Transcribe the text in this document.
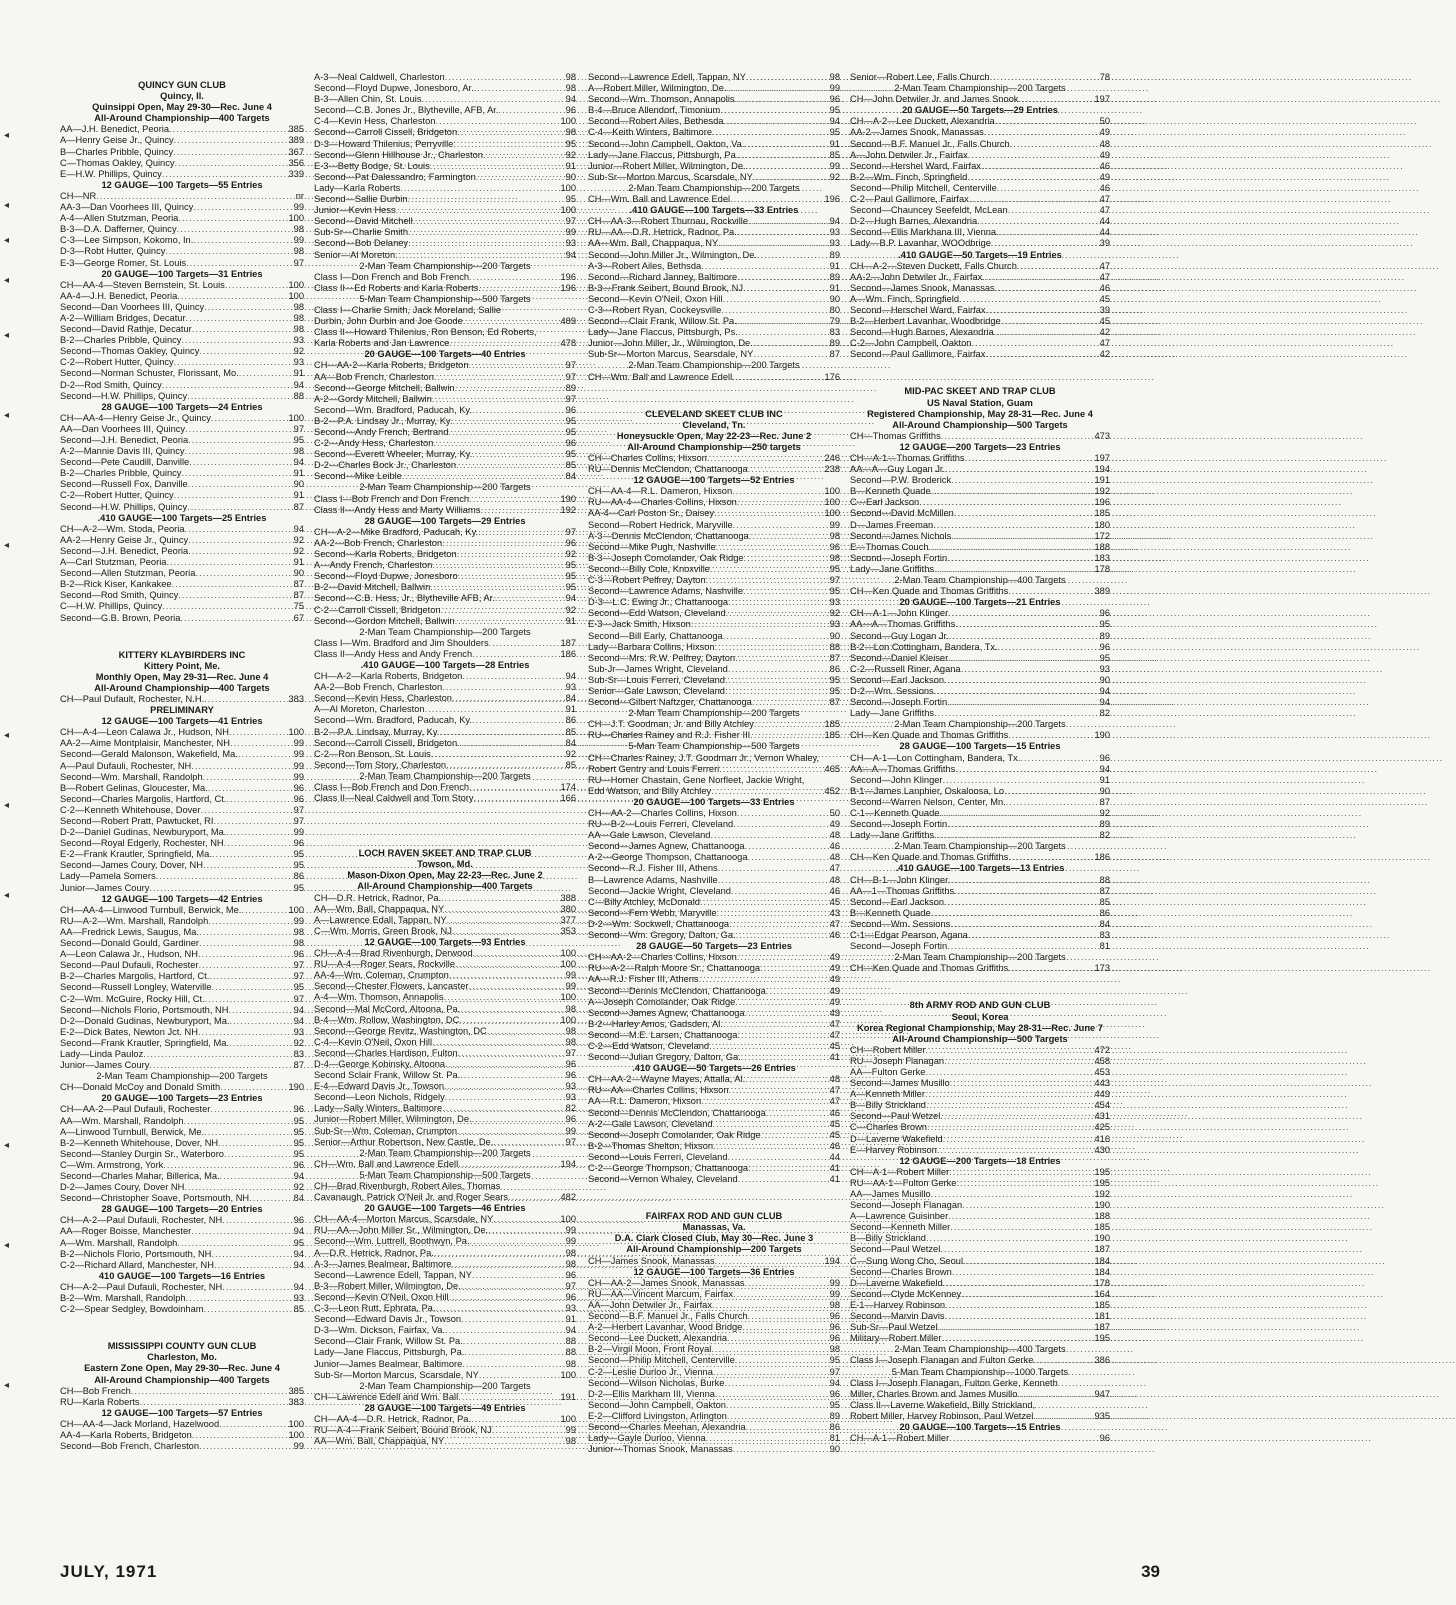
◂
◂
◂
◂
◂
◂
◂
◂
◂
◂
◂
◂
◂
QUINCY GUN CLUB
Quincy, Il.
Quinsippi Open, May 29-30—Rec. June 4
All-Around Championship—400 Targets
AA—J.H. Benedict, Peoria .....	385
A—Henry Geise Jr., Quincy .....	389
B—Charles Pribble, Quincy .....	367
C—Thomas Oakley, Quincy .....	356
E—H.W. Phillips, Quincy .....	339
12 GAUGE—100 Targets—55 Entries
CH—NR .....	nr
AA-3—Dan Voorhees III, Quincy .....	99
A-4—Allen Stutzman, Peoria .....	100
B-3—D.A. Dafferner, Quincy .....	98
C-3—Lee Simpson, Kokomo, In. .....	99
D-3—Robt Hutter, Quincy .....	98
E-3—George Romer, St. Louis .....	97
20 GAUGE—100 Targets—31 Entries
CH—AA-4—Steven Bernstein, St. Louis .....	100
AA-4—J.H. Benedict, Peoria .....	100
Second—Dan Voorhees III, Quincy .....	98
A-2—William Bridges, Decatur .....	98
Second—David Rathje, Decatur .....	98
B-2—Charles Pribble, Quincy .....	93
Second—Thomas Oakley, Quincy .....	92
C-2—Robert Hutter, Quincy .....	93
Second—Norman Schuster, Florissant, Mo. .....	91
D-2—Rod Smith, Quincy .....	94
Second—H.W. Phillips, Quincy .....	88
28 GAUGE—100 Targets—24 Entries
CH—AA-4—Henry Geise Jr., Quincy .....	100
AA—Dan Voorhees III, Quincy .....	97
Second—J.H. Benedict, Peoria .....	95
A-2—Mannie Davis III, Quincy .....	98
Second—Pete Caudill, Danville .....	94
B-2—Charles Pribble, Quincy .....	91
Second—Russell Fox, Danville .....	90
C-2—Robert Hutter, Quincy .....	91
Second—H.W. Phillips, Quincy .....	87
.410 GAUGE—100 Targets—25 Entries
CH—A-2—Wm. Stoda, Peoria .....	94
AA-2—Henry Geise Jr., Quincy .....	92
Second—J.H. Benedict, Peoria .....	92
A—Carl Stutzman, Peoria .....	91
Second—Allen Stutzman, Peoria .....	90
B-2—Rick Kiser, Kankakee .....	87
Second—Rod Smith, Quincy .....	87
C—H.W. Phillips, Quincy .....	75
Second—G.B. Brown, Peoria .....	67
KITTERY KLAYBIRDERS INC
Kittery Point, Me.
Monthly Open, May 29-31—Rec. June 4
All-Around Championship—400 Targets
CH—Paul Dufault, Rochester, N.H. .....	383
PRELIMINARY
12 GAUGE—100 Targets—41 Entries
CH—A-4—Leon Calawa Jr., Hudson, NH .....	100
AA-2—Aime Montplaisir, Manchester, NH .....	99
Second—Gerald Malonson, Wakefield, Ma. .....	99
A—Paul Dufauli, Rochester, NH .....	99
Second—Wm. Marshall, Randolph .....	99
B—Robert Gelinas, Gloucester, Ma. .....	96
Second—Charles Margolis, Hartford, Ct. .....	96
C-2—Kenneth Whitehouse, Dover .....	97
Second—Robert Pratt, Pawtucket, RI .....	97
D-2—Daniel Gudinas, Newburyport, Ma. .....	99
Second—Royal Edgerly, Rochester, NH .....	96
E-2—Frank Krautler, Springfield, Ma. .....	95
Second—James Coury, Dover, NH .....	95
Lady—Pamela Somers .....	86
Junior—James Coury .....	95
12 GAUGE—100 Targets—42 Entries
CH—AA-4—Linwood Turnbull, Berwick, Me. .....	100
RU—A-2—Wm. Marshall, Randolph .....	99
AA—Fredrick Lewis, Saugus, Ma. .....	98
Second—Donald Gould, Gardiner .....	98
A—Leon Calawa Jr., Hudson, NH .....	96
Second—Paul Dufauli, Rochester .....	97
B-2—Charles Margolis, Hartford, Ct. .....	97
Second—Russell Longley, Waterville .....	95
C-2—Wm. McGuire, Rocky Hill, Ct. .....	97
Second—Nichols Florio, Portsmouth, NH .....	94
D-2—Donald Gudinas, Newburyport, Ma. .....	94
E-2—Dick Bates, Newton Jct. NH .....	93
Second—Frank Krautler, Springfield, Ma. .....	92
Lady—Linda Pauloz .....	83
Junior—James Coury .....	87
2-Man Team Championship—200 Targets
CH—Donald McCoy and Donald Smith .....	190
20 GAUGE—100 Targets—23 Entries
CH—AA-2—Paul Dufauli, Rochester .....	96
AA—Wm. Marshall, Randolph .....	95
A—Linwood Turnbull, Berwick, Me. .....	95
B-2—Kenneth Whitehouse, Dover, NH .....	95
Second—Stanley Durgin Sr., Waterboro .....	95
C—Wm. Armstrong, York .....	96
Second—Charles Mahar, Billerica, Ma. .....	94
D-2—James Coury, Dover NH .....	92
Second—Christopher Soave, Portsmouth, NH .....	84
28 GAUGE—100 Targets—20 Entries
CH—A-2—Paul Dufauli, Rochester, NH .....	96
AA—Roger Boisse, Manchester .....	94
A—Wm. Marshall, Randolph .....	95
B-2—Nichols Florio, Portsmouth, NH .....	94
C-2—Richard Allard, Manchester, NH .....	94
410 GAUGE—100 Targets—16 Entries
CH—A-2—Paul Dufauli, Rochester, NH .....	94
B-2—Wm. Marshall, Randolph .....	93
C-2—Spear Sedgley, Bowdoinham .....	85
MISSISSIPPI COUNTY GUN CLUB
Charleston, Mo.
Eastern Zone Open, May 29-30—Rec. June 4
All-Around Championship—400 Targets
CH—Bob French .....	385
RU—Karla Roberts .....	383
12 GAUGE—100 Targets—57 Entries
CH—AA-4—Jack Morland, Hazelwood .....	100
AA-4—Karla Roberts, Bridgeton .....	100
Second—Bob French, Charleston .....	99
A-3—Neal Caldwell, Charleston .....	98
Second—Floyd Dupwe, Jonesboro, Ar. .....	98
B-3—Allen Chin, St. Louis .....	94
Second—C.B. Jones Jr., Blytheville, AFB, Ar. .....	96
C-4—Kevin Hess, Charleston .....	100
Second—Carroll Cissell, Bridgeton .....	98
D-3—Howard Thilenius, Perryville .....	95
Second—Glenn Hillhouse Jr., Charleston .....	92
E-3—Betty Bodge, St. Louis .....	91
Second—Pat Dalessandro, Farmington .....	90
Lady—Karla Roberts .....	100
Second—Sallie Durbin .....	95
Junior—Kevin Hess .....	100
Second—David Mitchell .....	97
Sub-Sr—Charlie Smith .....	99
Second—Bob Delaney .....	93
Senior—Al Moreton .....	94
2-Man Team Championship—200 Targets
Class I—Don French and Bob French .....	196
Class II—Ed Roberts and Karla Roberts .....	196
5-Man Team Championship—500 Targets
Class I—Charlie Smith, Jack Moreland, Sallie
Durbin, John Durbin and Joe Goode .....	489
Class II—Howard Thilenius, Ron Benson, Ed Roberts,
Karla Roberts and Jan Lawrence .....	478
20 GAUGE—100 Targets—40 Entries
CH—AA-2—Karla Roberts, Bridgeton .....	97
AA—Bob French, Charleston .....	97
Second—George Mitchell, Ballwin .....	89
A-2—Gordy Mitchell, Ballwin .....	97
Second—Wm. Bradford, Paducah, Ky. .....	96
B-2—P.A. Lindsay Jr., Murray, Ky. .....	95
Second—Andy French, Bertrand .....	95
C-2—Andy Hess, Charleston .....	96
Second—Everett Wheeler, Murray, Ky. .....	95
D-2—Charles Bock Jr., Charleston .....	85
Second—Mike Leible .....	84
2-Man Team Championship—200 Targets
Class I—Bob French and Don French .....	190
Class II—Andy Hess and Marty Williams .....	192
28 GAUGE—100 Targets—29 Entries
CH—A-2—Mike Bradford, Paducah, Ky. .....	97
AA-2—Bob French, Charleston .....	96
Second—Karla Roberts, Bridgeton .....	92
A—Andy French, Charleston .....	95
Second—Floyd Dupwe, Jonesboro .....	95
B-2—David Mitchell, Ballwin .....	95
Second—C.B. Hess, Jr., Blytheville AFB, Ar. .....	94
C-2—Carroll Cissell, Bridgeton .....	92
Second—Gordon Mitchell, Ballwin .....	91
2-Man Team Championship—200 Targets
Class I—Wm. Bradford and Jim Shoulders .....	187
Class II—Andy Hess and Andy French .....	186
.410 GAUGE—100 Targets—28 Entries
CH—A-2—Karla Roberts, Bridgeton .....	94
AA-2—Bob French, Charleston .....	93
Second—Kevin Hess, Charleston .....	84
A—Al Moreton, Charleston .....	91
Second—Wm. Bradford, Paducah, Ky. .....	86
B-2—P.A. Lindsay, Murray, Ky. .....	85
Second—Carroll Cissell, Bridgeton .....	84
C-2—Ron Benson, St. Louis .....	92
Second—Tom Story, Charleston .....	85
2-Man Team Championship—200 Targets
Class I—Bob French and Don French .....	174
Class II—Neal Caldwell and Tom Story .....	166
LOCH RAVEN SKEET AND TRAP CLUB
Towson, Md.
Mason-Dixon Open, May 22-23—Rec. June 2
All-Around Championship—400 Targets
CH—D.R. Hetrick, Radnor, Pa. .....	388
AA—Wm. Ball, Chappaqua, NY .....	380
A—Lawrence Edall, Tappan, NY .....	377
C—Wm. Morris, Green Brook, NJ .....	353
12 GAUGE—100 Targets—93 Entries
CH—A-4—Brad Rivenburgh, Derwood .....	100
RU—A-4—Roger Sears, Rockville .....	100
AA-4—Wm. Coleman, Crumpton .....	99
Second—Chester Flowers, Lancaster .....	99
A-4—Wm. Thomson, Annapolis .....	100
Second—Mal McCord, Altoona, Pa. .....	98
B-4—Wm. Rollow, Washington, DC .....	100
Second—George Revitz, Washington, DC .....	98
C-4—Kevin O'Neil, Oxon Hill .....	98
Second—Charles Hardison, Fulton .....	97
D-4—George Kobinsky, Altoona .....	96
Second Sclair Frank, Willow St. Pa. .....	96
E-4—Edward Davis Jr., Towson .....	93
Second—Leon Nichols, Ridgely .....	93
Lady—Sally Winters, Baltimore .....	82
Junior—Robert Miller, Wilmington, De. .....	96
Sub-Sr—Wm. Coleman, Crumpton .....	99
Senior—Arthur Robertson, New Castle, De. .....	97
2-Man Team Championship—200 Targets
CH—Wm. Ball and Lawrence Edell .....	194
5-Man Team Championship—500 Targets
CH—Brad Rivenburgh, Robert Ailes, Thomas
Cavanaugh, Patrick O'Neil Jr. and Roger Sears .....	482
20 GAUGE—100 Targets—46 Entries
CH—AA-4—Morton Marcus, Scarsdale, NY .....	100
RU—AA—John Miller Sr., Wilmington, De. .....	99
Second—Wm. Luttrell, Boothwyn, Pa. .....	99
A—D.R. Hetrick, Radnor, Pa. .....	98
A-3—James Bealmear, Baltimore .....	98
Second—Lawrence Edell, Tappan, NY .....	96
B-3—Robert Miller, Wilmington, De. .....	97
Second—Kevin O'Neil, Oxon Hill .....	96
C-3—Leon Rutt, Ephrata, Pa. .....	93
Second—Edward Davis Jr., Towson .....	91
D-3—Wm. Dickson, Fairfax, Va. .....	94
Second—Clair Frank, Willow St. Pa. .....	88
Lady—Jane Flaccus, Pittsburgh, Pa. .....	88
Junior—James Bealmear, Baltimore .....	98
Sub-Sr—Morton Marcus, Scarsdale, NY .....	100
2-Man Team Championship—200 Targets
CH—Lawrence Edell and Wm. Ball .....	191
28 GAUGE—100 Targets—49 Entries
CH—AA-4—D.R. Hetrick, Radnor, Pa. .....	100
RU—A-4—Frank Seibert, Bound Brook, NJ .....	99
AA—Wm. Ball, Chappaqua, NY .....	98
Second—Lawrence Edell, Tappan, NY .....	98
A—Robert Miller, Wilmington, De. .....	99
Second—Wm. Thomson, Annapolis .....	96
B-4—Bruce Allendorf, Timonium .....	95
Second—Robert Ailes, Bethesda .....	94
C-4—Keith Winters, Baltimore .....	95
Second—John Campbell, Oakton, Va. .....	91
Lady—Jane Flaccus, Pittsburgh, Pa. .....	85
Junior—Robert Miller, Wilmington, De. .....	99
Sub-Sr—Morton Marcus, Scarsdale, NY .....	92
2-Man Team Championship—200 Targets
CH—Wm. Ball and Lawrence Edel .....	196
.410 GAUGE—100 Targets—33 Entries
CH—AA-3—Robert Thurnau, Rockville .....	94
RU—AA—D.R. Hetrick, Radnor, Pa. .....	93
AA—Wm. Ball, Chappaqua, NY .....	93
Second—John Miller Jr., Wilmington, De. .....	89
A-3—Robert Ailes, Bethsda .....	91
Second—Richard Janney, Baltimore .....	89
B-3—Frank Seibert, Bound Brook, NJ .....	91
Second—Kevin O'Neil, Oxon Hill .....	90
C-3—Robert Ryan, Cockeysville .....	80
Second—Clair Frank, Willow St. Pa. .....	79
Lady—Jane Flaccus, Pittsburgh, Ps. .....	83
Junior—John Miller, Jr., Wilmington, De. .....	89
Sub-Sr—Morton Marcus, Searsdale, NY .....	87
2-Man Team Championship—200 Targets
CH—Wm. Ball and Lawrence Edell .....	176
CLEVELAND SKEET CLUB INC
Cleveland, Tn.
Honeysuckle Open, May 22-23—Rec. June 2
All-Around Championship—250 targets
CH—Charles Collins, Hixson .....	246
RU—Dennis McClendon, Chattanooga .....	238
12 GAUGE—100 Targets—52 Entries
CH—AA-4—R.L. Dameron, Hixson .....	100
RU—AA-4—Charles Collins, Hixson .....	100
AA-4—Carl Poston Sr., Daisey .....	100
Second—Robert Hedrick, Maryville .....	99
A-3—Dennis McClendon, Chattanooga .....	98
Second—Mike Pugh, Nashville .....	96
B-3—Joseph Comolander, Oak Ridge .....	98
Second—Billy Cole, Knoxville .....	95
C-3—Robert Pelfrey, Dayton .....	97
Second—Lawrence Adams, Nashville .....	95
D-3—L.C. Ewing Jr., Chattanooga .....	93
Second—Edd Watson, Cleveland .....	92
E-3—Jack Smith, Hixson .....	93
Second—Bill Early, Chattanooga .....	90
Lady—Barbara Collins, Hixson .....	88
Second—Mrs. R.W. Pelfrey, Dayton .....	87
Sub-Jr—James Wright, Cleveland .....	86
Sub-Sr—Louis Ferreri, Cleveland .....	95
Senior—Gale Lawson, Cleveland .....	95
Second—Gilbert Naftzger, Chattanooga .....	87
2-Man Team Championship—200 Targets
CH—J.T. Goodman, Jr. and Billy Atchley .....	185
RU—Charles Rainey and R.J. Fisher III .....	185
5-Man Team Championship—500 Targets
CH—Charles Rainey, J.T. Goodman Jr., Vernon Whaley,
Robert Gentry and Louis Ferreri .....	465
RU—Homer Chastain, Gene Norfleet, Jackie Wright,
Edd Watson, and Billy Atchley .....	452
20 GAUGE—100 Targets—33 Entries
CH—AA-2—Charles Collins, Hixson .....	50
RU—B-2—Louis Ferreri, Cleveland .....	49
AA—Gale Lawson, Cleveland .....	48
Second—James Agnew, Chattanooga .....	46
A-2—George Thompson, Chattanooga .....	48
Second—R.J. Fisher III, Athens .....	47
B—Lawrence Adams, Nashville .....	48
Second—Jackie Wright, Cleveland .....	46
C—Billy Atchley, McDonald .....	45
Second—Fern Webb, Maryville .....	43
D-2—Wm. Sockwell, Chattanooga .....	47
Second—Wm. Gregory, Dalton, Ga. .....	46
28 GAUGE—50 Targets—23 Entries
CH—AA-2—Charles Collins, Hixson .....	49
RU—A-2—Ralph Moore Sr., Chattanooga .....	49
AA—R.J. Fisher III, Athens .....	49
Second—Dennis McClendon, Chattanooga .....	49
A—Joseph Comolander, Oak Ridge .....	49
Second—James Agnew, Chattanooga .....	49
B-2—Harley Amos, Gadsden, Al. .....	47
Second—M.E. Larsen, Chattanooga .....	47
C-2—Edd Watson, Cleveland .....	45
Second—Julian Gregory, Dalton, Ga. .....	41
.410 GAUGE—50 Targets—26 Entries
CH—AA-2—Wayne Mayes, Attalla, Al. .....	48
RU—AA—Charles Collins, Hixson .....	47
AA—R.L. Dameron, Hixson .....	47
Second—Dennis McClendon, Chattanooga .....	46
A-2—Gale Lawson, Cleveland .....	45
Second—Joseph Comolander, Oak Ridge .....	45
B-2—Thomas Shelton, Hixson .....	46
Second—Louis Ferreri, Cleveland .....	44
C-2—George Thompson, Chattanooga .....	41
Second—Vernon Whaley, Cleveland .....	41
FAIRFAX ROD AND GUN CLUB
Manassas, Va.
D.A. Clark Closed Club, May 30—Rec. June 3
All-Around Championship—200 Targets
CH—James Snook, Manassas .....	194
12 GAUGE—100 Targets—36 Entries
CH—AA-2—James Snook, Manassas .....	99
RU—AA—Vincent Marcum, Fairfax .....	99
AA—John Detwiler Jr., Fairfax .....	98
Second—B.F. Manuel Jr., Falls Church .....	96
A-2—Herbert Lavanhar, Wood Bridge .....	96
Second—Lee Duckett, Alexandria .....	96
B-2—Virgil Moon, Front Royal .....	98
Second—Philip Mitchell, Centerville .....	95
C-2—Leslie Durloo Jr., Vienna .....	97
Second—Wilson Nicholas, Burke .....	94
D-2—Ellis Markham III, Vienna .....	96
Second—John Campbell, Oakton .....	95
E-2—Clifford Livingston, Arlington .....	89
Second—Charles Meehan, Alexandria .....	86
Lady—Gayle Durloo, Vienna .....	81
Junior—Thomas Snook, Manassas .....	90
Senior—Robert Lee, Falls Church .....	78
2-Man Team Championship—200 Targets
CH—John Detwiler Jr. and James Snook .....	197
20 GAUGE—50 Targets—29 Entries
CH—A-2—Lee Duckett, Alexandria .....	50
AA-2—James Snook, Manassas .....	49
Second—B.F. Manuel Jr., Falls Church .....	48
A—John Detwiler Jr., Fairfax .....	49
Second—Hershel Ward, Fairfax .....	46
B-2—Wm. Finch, Springfield .....	49
Second—Philip Mitchell, Centerville .....	46
C-2—Paul Gallimore, Fairfax .....	47
Second—Chauncey Seefeldt, McLean .....	47
D-2—Hugh Barnes, Alexandria .....	44
Second—Ellis Markhana III, Vienna .....	44
Lady—B.P. Lavanhar, WOOdbrige .....	39
.410 GAUGE—50 Targets—19 Entries
CH—A-2—Steven Duckett, Falls Church .....	47
AA-2—John Detwiler Jr., Fairfax .....	47
Second—James Snook, Manassas .....	46
A—Wm. Finch, Springfield .....	45
Second—Herschel Ward, Fairfax .....	39
B-2—Herbert Lavanhar, Woodbridge .....	45
Second—Hugh Barnes, Alexandria .....	42
C-2—John Campbell, Oakton .....	47
Second—Paul Gallimore, Fairfax .....	42
MID-PAC SKEET AND TRAP CLUB
US Naval Station, Guam
Registered Championship, May 28-31—Rec. June 4
All-Around Championship—500 Targets
CH—Thomas Griffiths .....	473
12 GAUGE—200 Targets—23 Entries
CH—A-1—Thomas Griffiths .....	197
AA—A—Guy Logan Jr. .....	194
Second—P.W. Broderick .....	191
B—Kenneth Quade .....	192
C—Earl Jackson .....	196
Second—David McMillen .....	185
D—James Freeman .....	180
Second—James Nichols .....	172
E—Thomas Couch .....	188
Second—Joseph Fortin .....	183
Lady—Jane Griffiths .....	178
2-Man Team Championship—400 Targets
CH—Ken Quade and Thomas Griffiths .....	389
20 GAUGE—100 Targets—21 Entries
CH—A-1—John Klinger .....	96
AA—A—Thomas Griffiths .....	95
Second—Guy Logan Jr. .....	89
B-2—Lon Cottingham, Bandera, Tx. .....	96
Second—Daniel Kleiser .....	95
C-2—Russell Riner, Agana .....	93
Second—Earl Jackson .....	90
D-2—Wm. Sessions .....	94
Second—Joseph Fortin .....	94
Lady—Jane Griffiths .....	82
2-Man Team Championship—200 Targets
CH—Ken Quade and Thomas Griffiths .....	190
28 GAUGE—100 Targets—15 Entries
CH—A-1—Lon Cottingham, Bandera, Tx. .....	96
AA—A—Thomas Griffiths .....	94
Second—John Klinger .....	91
B-1—James Lanphier, Oskaloosa, Lo .....	90
Second—Warren Nelson, Center, Mn. .....	87
C-1—Kenneth Quade .....	92
Second—Joseph Fortin .....	89
Lady—Jane Griffiths .....	82
2-Man Team Championship—200 Targets
CH—Ken Quade and Thomas Griffiths .....	186
.410 GAUGE—100 Targets—13 Entries
CH—B-1—John Klinger .....	88
AA—1—Thomas Griffiths .....	87
Second—Earl Jackson .....	85
B—Kenneth Quade .....	86
Second—Wm. Sessions .....	84
C-1—Edgar Pearson, Agana .....	83
Second—Joseph Fortin .....	81
2-Man Team Championship—200 Targets
CH—Ken Quade and Thomas Griffiths .....	173
8th ARMY ROD AND GUN CLUB
Seoul, Korea
Korea Regional Championship, May 28-31—Rec. June 7
All-Around Championship—500 Targets
CH—Robert Miller .....	472
RU—Joseph Flanagan .....	458
AA—Fulton Gerke .....	453
Second—James Musillo .....	443
A—Kenneth Miller .....	449
B—Billy Strickland .....	454
Second—Paul Wetzel .....	431
C—Charles Brown .....	425
D—Laverne Wakefield .....	416
E—Harvey Robinson .....	430
12 GAUGE—200 Targets—18 Entries
CH—A-1—Robert Miller .....	195
RU—AA-1—Fulton Gerke .....	195
AA—James Musillo .....	192
Second—Joseph Flanagan .....	190
A—Lawrence Guisinber .....	188
Second—Kenneth Miller .....	185
B—Billy Strickland .....	190
Second—Paul Wetzel .....	187
C—Sung Wong Cho, Seoul .....	184
Second—Charles Brown .....	184
D—Laverne Wakefield .....	178
Second—Clyde McKenney .....	164
E-1—Harvey Robinson .....	185
Second—Marvin Davis .....	181
Sub-Sr—Paul Wetzel .....	187
Military—Robert Miller .....	195
2-Man Team Championship—400 Targets
Class I—Joseph Flanagan and Fulton Gerke .....	386
5-Man Team Championship—1000 Targets
Class I—Joseph Flanagan, Fulton Gerke, Kenneth
Miller, Charles Brown and James Musillo .....	947
Class II—Laverne Wakefield, Billy Strickland,
Robert Miller, Harvey Robinson, Paul Wetzel .....	935
20 GAUGE—100 Targets—15 Entries
CH—A-1—Robert Miller .....	96
JULY, 1971	39
